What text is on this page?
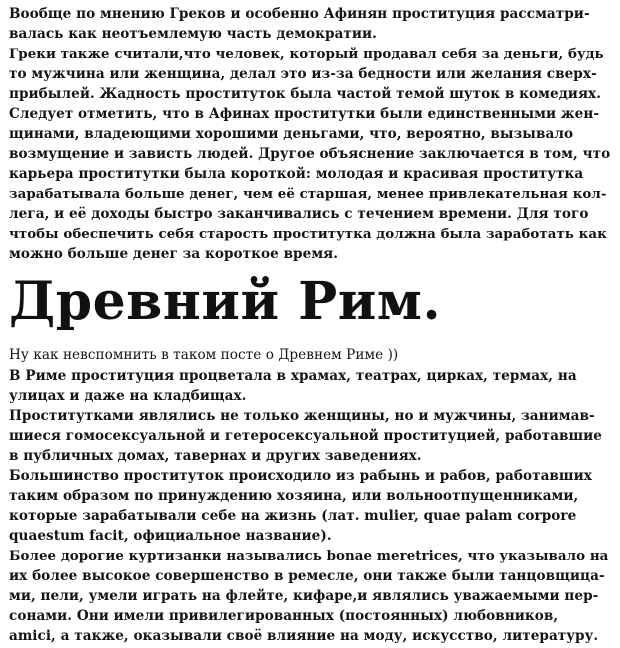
Вообще по мнению Греков и особенно Афинян проституция рассматри-

валась как неотъемлемую часть демократии.

Греки также считали,что человек, который продавал себя за деньги, будь

то мужчина или женщина, делал это из-за бедности или желания сверх-

прибылей. Жадность проституток была частой темой шуток в комедиях.

Следует отметить, что в Афинах проститутки были единственными жен-

щинами, владеющими хорошими деньгами, что, вероятно, вызывало

возмущение и зависть людей. Другое объяснение заключается в том, что

карьера проститутки была короткой: молодая и красивая проститутка

зарабатывала больше денег, чем её старшая, менее привлекательная кол-

лега, и её доходы быстро заканчивались с течением времени. Для того

чтобы обеспечить себя старость проститутка должна была заработать как

можно больше денег за короткое время.

Древний Рим.

Ну как невспомнить в таком посте о Древнем Риме ))

В Риме проституция процветала в храмах, театрах, цирках, термах, на

улицах и даже на кладбищах.

Проститутками являлись не только женщины, но и мужчины, занимав-

шиеся гомосексуальной и гетеросексуальной проституцией, работавшие

в публичных домах, тавернах и других заведениях.

Большинство проституток происходило из рабынь и рабов, работавших

таким образом по принуждению хозяина, или вольноотпущенниками,

которые зарабатывали себе на жизнь (лат. mulier, quae palam corpore

quaestum facit, официальное название).

Более дорогие куртизанки назывались bonae meretrices, что указывало на

их более высокое совершенство в ремесле, они также были танцовщица-

ми, пели, умели играть на флейте, кифаре,и являлись уважаемыми пер-

сонами. Они имели привилегированных (постоянных) любовников,

amici, а также, оказывали своё влияние на моду, искусство, литературу.
